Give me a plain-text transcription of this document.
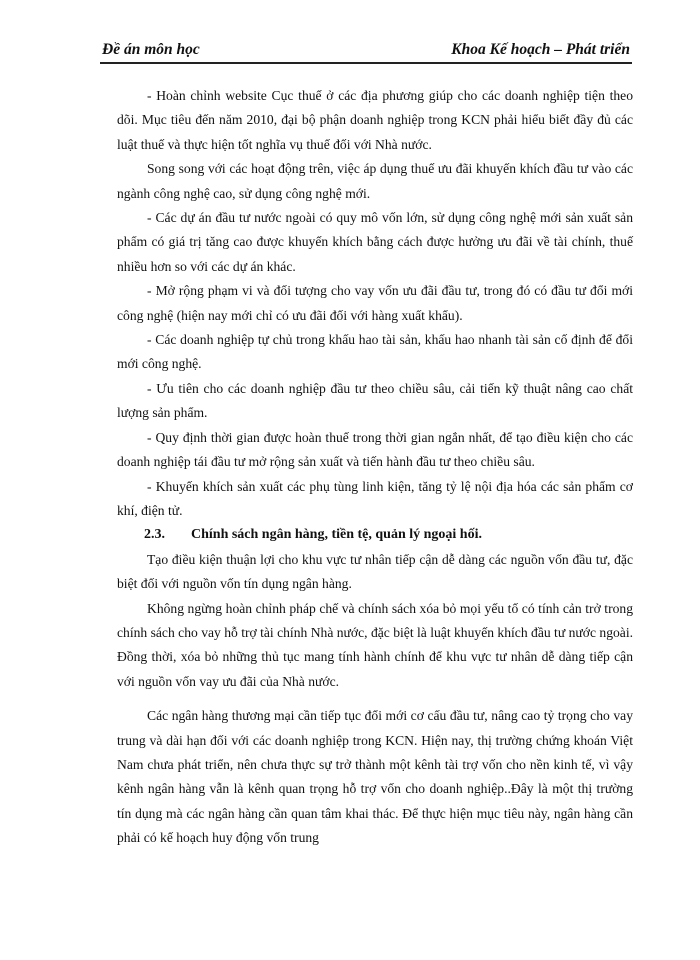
Đề án môn học	Khoa Kế hoạch – Phát triển

- Hoàn chỉnh website Cục thuế ở các địa phương giúp cho các doanh nghiệp tiện theo dõi. Mục tiêu đến năm 2010, đại bộ phận doanh nghiệp trong KCN phải hiểu biết đầy đủ các luật thuế và thực hiện tốt nghĩa vụ thuế đối với Nhà nước.

Song song với các hoạt động trên, việc áp dụng thuế ưu đãi khuyến khích đầu tư vào các ngành công nghệ cao, sử dụng công nghệ mới.

- Các dự án đầu tư nước ngoài có quy mô vốn lớn, sử dụng công nghệ mới sản xuất sản phẩm có giá trị tăng cao được khuyến khích bằng cách được hưởng ưu đãi về tài chính, thuế nhiều hơn so với các dự án khác.

- Mở rộng phạm vi và đối tượng cho vay vốn ưu đãi đầu tư, trong đó có đầu tư đổi mới công nghệ (hiện nay mới chỉ có ưu đãi đối với hàng xuất khẩu).

- Các doanh nghiệp tự chủ trong khấu hao tài sản, khấu hao nhanh tài sản cố định để đổi mới công nghệ.

- Ưu tiên cho các doanh nghiệp đầu tư theo chiều sâu, cải tiến kỹ thuật nâng cao chất lượng sản phẩm.

- Quy định thời gian được hoàn thuế trong thời gian ngắn nhất, để tạo điều kiện cho các doanh nghiệp tái đầu tư mở rộng sản xuất và tiến hành đầu tư theo chiều sâu.

- Khuyến khích sản xuất các phụ tùng linh kiện, tăng tỷ lệ nội địa hóa các sản phẩm cơ khí, điện tử.

2.3. Chính sách ngân hàng, tiền tệ, quản lý ngoại hối.

Tạo điều kiện thuận lợi cho khu vực tư nhân tiếp cận dễ dàng các nguồn vốn đầu tư, đặc biệt đối với nguồn vốn tín dụng ngân hàng.

Không ngừng hoàn chỉnh pháp chế và chính sách xóa bỏ mọi yếu tố có tính cản trở trong chính sách cho vay hỗ trợ tài chính Nhà nước, đặc biệt là luật khuyến khích đầu tư nước ngoài. Đồng thời, xóa bỏ những thủ tục mang tính hành chính để khu vực tư nhân dễ dàng tiếp cận với nguồn vốn vay ưu đãi của Nhà nước.

Các ngân hàng thương mại cần tiếp tục đổi mới cơ cấu đầu tư, nâng cao tỷ trọng cho vay trung và dài hạn đối với các doanh nghiệp trong KCN. Hiện nay, thị trường chứng khoán Việt Nam chưa phát triển, nên chưa thực sự trở thành một kênh tài trợ vốn cho nền kinh tế, vì vậy kênh ngân hàng vẫn là kênh quan trọng hỗ trợ vốn cho doanh nghiệp..Đây là một thị trường tín dụng mà các ngân hàng cần quan tâm khai thác. Để thực hiện mục tiêu này, ngân hàng cần phải có kế hoạch huy động vốn trung
